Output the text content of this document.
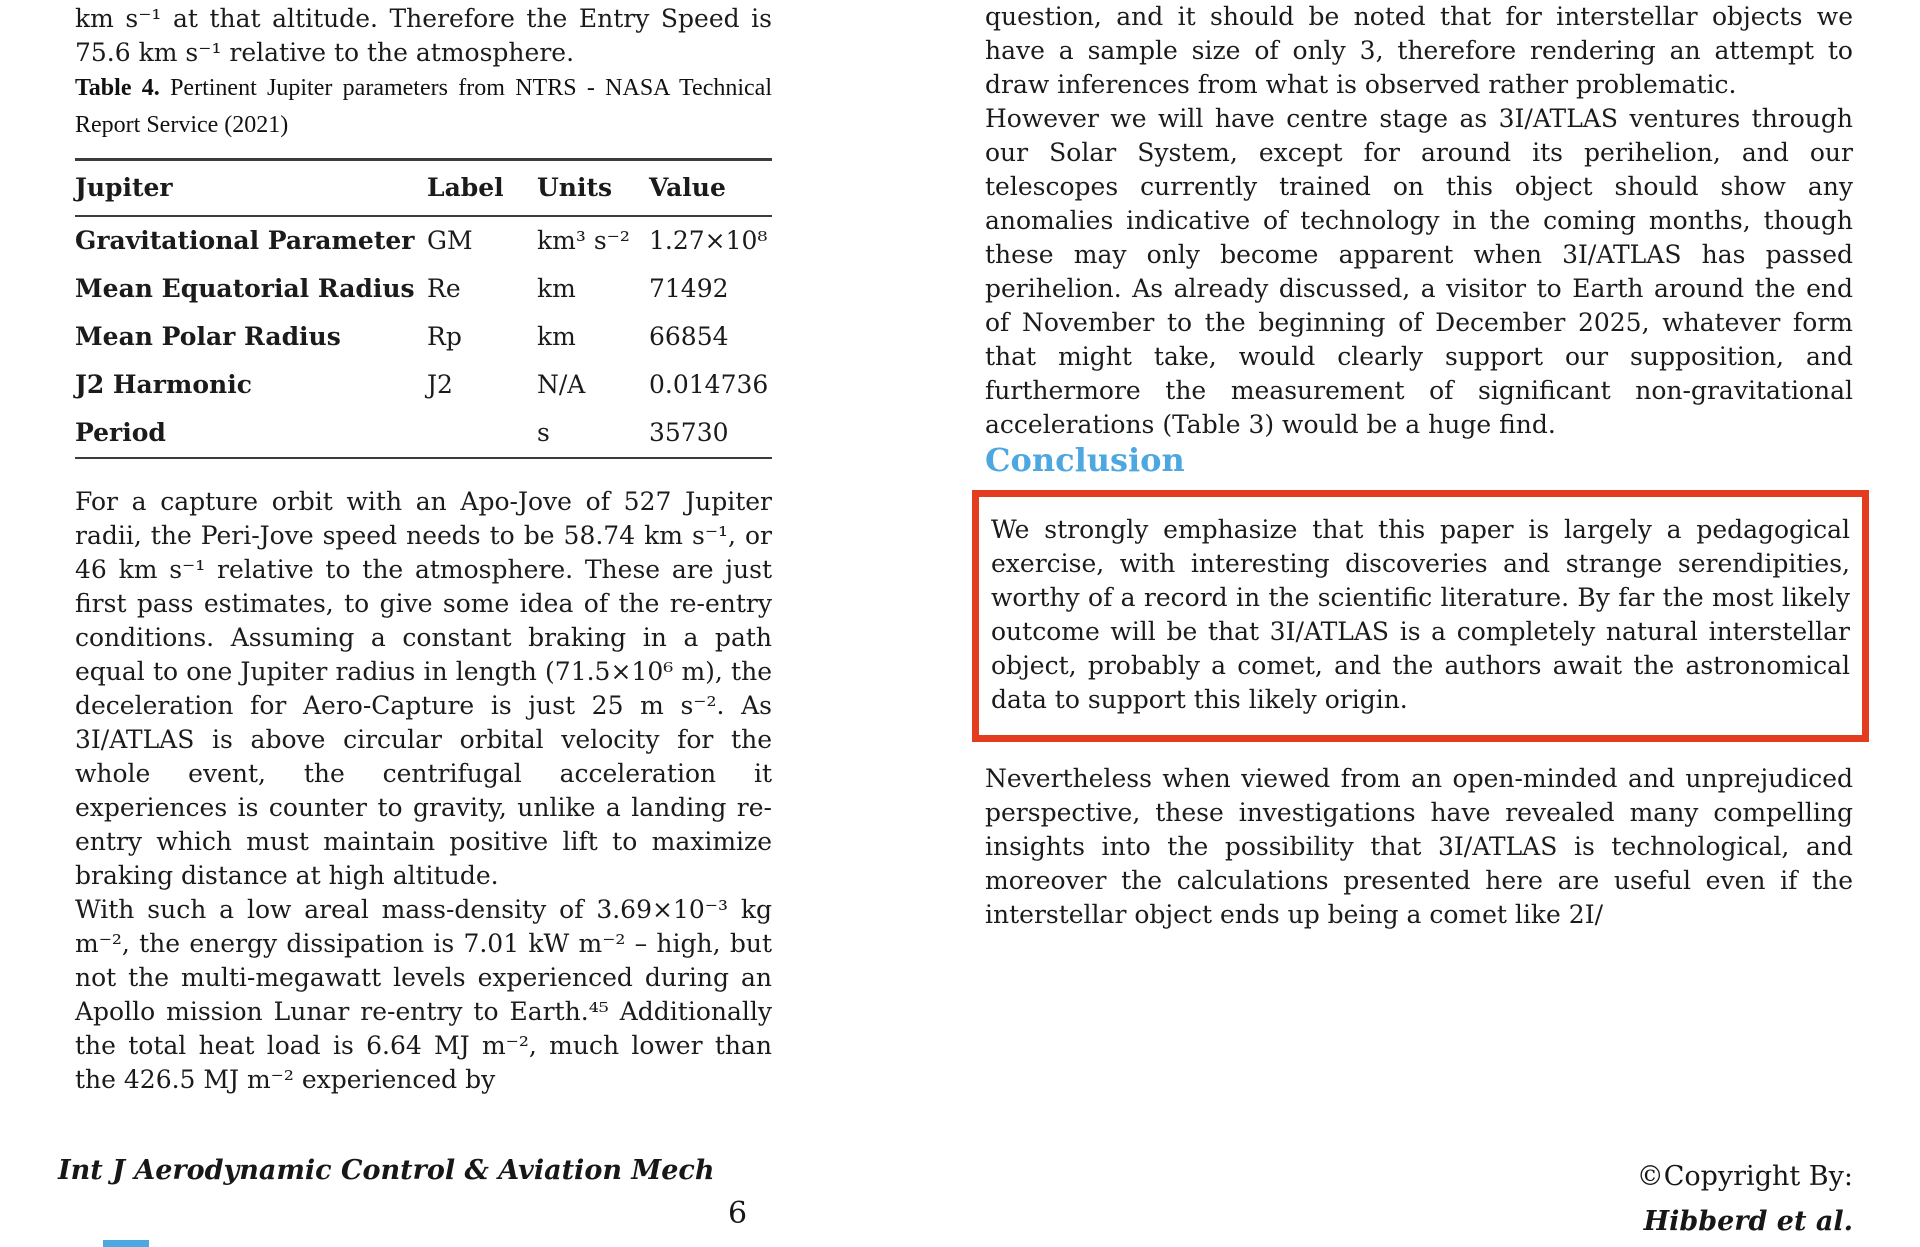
km s⁻¹ at that altitude. Therefore the Entry Speed is 75.6 km s⁻¹ relative to the atmosphere.

Table 4. Pertinent Jupiter parameters from NTRS - NASA Technical Report Service (2021)

Jupiter	Label	Units	Value
Gravitational Parameter	GM	km³ s⁻²	1.27×10⁸
Mean Equatorial Radius	Re	km	71492
Mean Polar Radius	Rp	km	66854
J2 Harmonic	J2	N/A	0.014736
Period		s	35730

For a capture orbit with an Apo-Jove of 527 Jupiter radii, the Peri-Jove speed needs to be 58.74 km s⁻¹, or 46 km s⁻¹ relative to the atmosphere. These are just first pass estimates, to give some idea of the re-entry conditions. Assuming a constant braking in a path equal to one Jupiter radius in length (71.5×10⁶ m), the deceleration for Aero-Capture is just 25 m s⁻². As 3I/ATLAS is above circular orbital velocity for the whole event, the centrifugal acceleration it experiences is counter to gravity, unlike a landing re-entry which must maintain positive lift to maximize braking distance at high altitude.

With such a low areal mass-density of 3.69×10⁻³ kg m⁻², the energy dissipation is 7.01 kW m⁻² – high, but not the multi-megawatt levels experienced during an Apollo mission Lunar re-entry to Earth.⁴⁵ Additionally the total heat load is 6.64 MJ m⁻², much lower than the 426.5 MJ m⁻² experienced by

question, and it should be noted that for interstellar objects we have a sample size of only 3, therefore rendering an attempt to draw inferences from what is observed rather problematic.

However we will have centre stage as 3I/ATLAS ventures through our Solar System, except for around its perihelion, and our telescopes currently trained on this object should show any anomalies indicative of technology in the coming months, though these may only become apparent when 3I/ATLAS has passed perihelion. As already discussed, a visitor to Earth around the end of November to the beginning of December 2025, whatever form that might take, would clearly support our supposition, and furthermore the measurement of significant non-gravitational accelerations (Table 3) would be a huge find.

Conclusion

We strongly emphasize that this paper is largely a pedagogical exercise, with interesting discoveries and strange serendipities, worthy of a record in the scientific literature. By far the most likely outcome will be that 3I/ATLAS is a completely natural interstellar object, probably a comet, and the authors await the astronomical data to support this likely origin.

Nevertheless when viewed from an open-minded and unprejudiced perspective, these investigations have revealed many compelling insights into the possibility that 3I/ATLAS is technological, and moreover the calculations presented here are useful even if the interstellar object ends up being a comet like 2I/

Int J Aerodynamic Control & Aviation Mech
6
©Copyright By:
Hibberd et al.
